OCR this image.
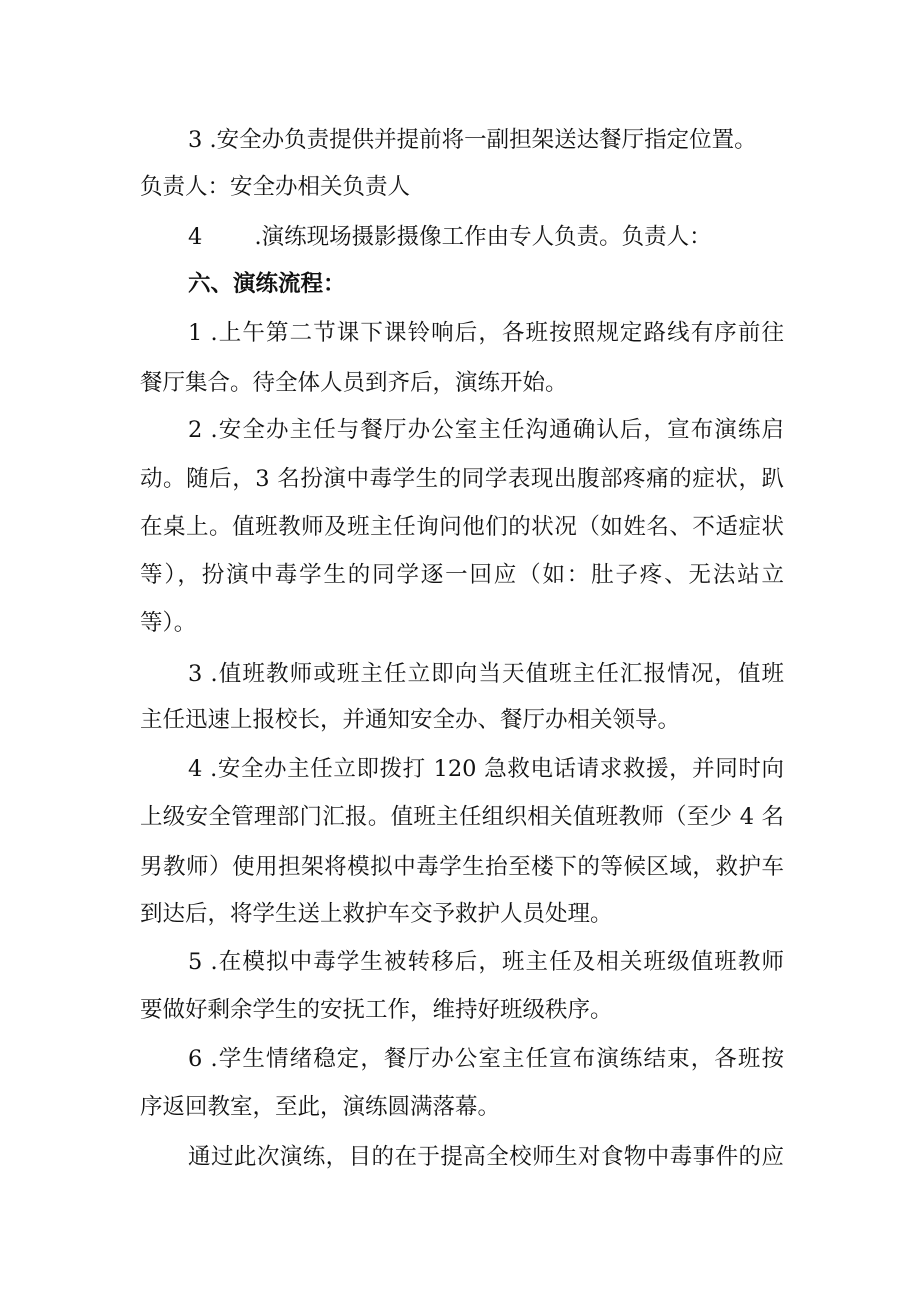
3 .安全办负责提供并提前将一副担架送达餐厅指定位置。

负责人：安全办相关负责人

4 　　.演练现场摄影摄像工作由专人负责。负责人：

六、演练流程：

1 .上午第二节课下课铃响后，各班按照规定路线有序前往

餐厅集合。待全体人员到齐后，演练开始。

2 .安全办主任与餐厅办公室主任沟通确认后，宣布演练启

动。随后，3 名扮演中毒学生的同学表现出腹部疼痛的症状，趴

在桌上。值班教师及班主任询问他们的状况（如姓名、不适症状

等），扮演中毒学生的同学逐一回应（如：肚子疼、无法站立

等）。

3 .值班教师或班主任立即向当天值班主任汇报情况，值班

主任迅速上报校长，并通知安全办、餐厅办相关领导。

4 .安全办主任立即拨打 120 急救电话请求救援，并同时向

上级安全管理部门汇报。值班主任组织相关值班教师（至少 4 名

男教师）使用担架将模拟中毒学生抬至楼下的等候区域，救护车

到达后，将学生送上救护车交予救护人员处理。

5 .在模拟中毒学生被转移后，班主任及相关班级值班教师

要做好剩余学生的安抚工作，维持好班级秩序。

6 .学生情绪稳定，餐厅办公室主任宣布演练结束，各班按

序返回教室，至此，演练圆满落幕。

通过此次演练，目的在于提高全校师生对食物中毒事件的应
